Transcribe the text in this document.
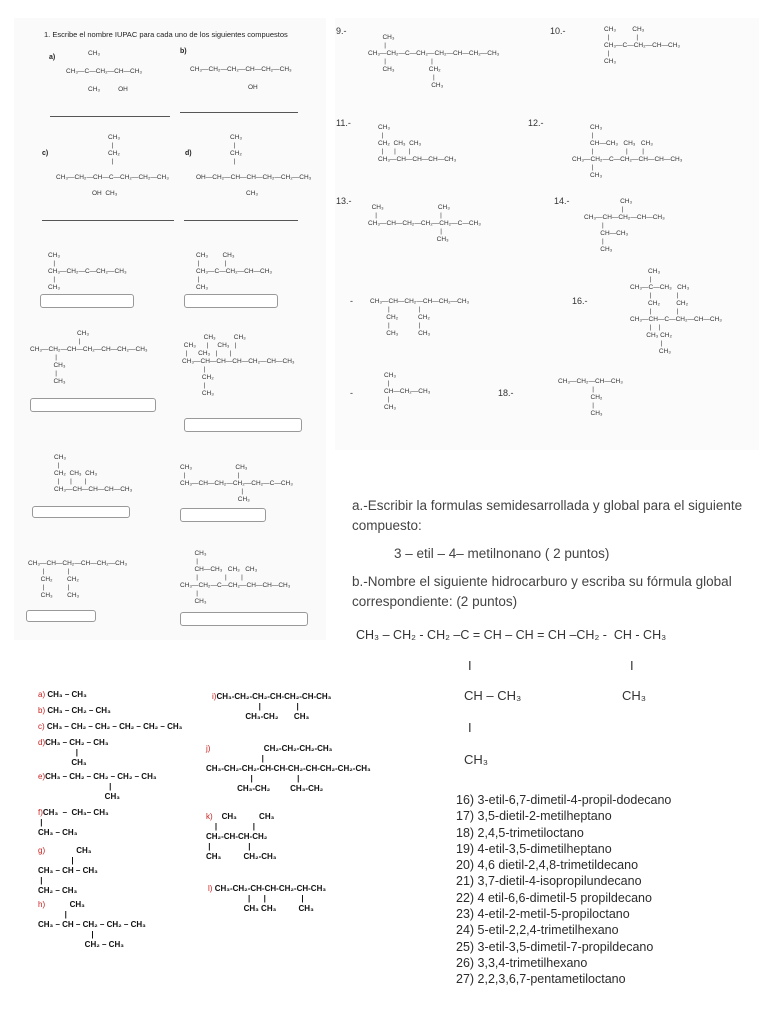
1. Escribe el nombre IUPAC para cada uno de los siguientes compuestos
a)

CH₃

CH₃—C—CH₂—CH—CH₃

CH₃          OH

b)

CH₃—CH₂—CH₂—CH—CH₂—CH₃

OH

c)

CH₃
|
CH₂
|

CH₃—CH₂—CH—C—CH₂—CH₂—CH₃

OH  CH₃

d)

CH₃
|
CH₂
|

OH—CH₂—CH—CH—CH₂—CH₂—CH₃

CH₃

CH₃
|
CH₃—CH₂—C—CH₂—CH₃
|
CH₃
CH₃        CH₃
|              |
CH₃—C—CH₂—CH—CH₃
|
CH₃
CH₃
|
CH₃—CH₂—CH—CH₂—CH—CH₂—CH₃
|
CH₃
|
CH₃
CH₃          CH₃
CH₃      |     CH₃   |
|      CH₃   |       |
CH₃—CH—CH—CH—CH₂—CH—CH₃
|
CH₂
|
CH₃
CH₃
|
CH₂  CH₃  CH₃
|      |       |
CH₃—CH—CH—CH—CH₃
CH₃                        CH₃
|                             |
CH₃—CH—CH₂—CH₂—CH₂—C—CH₃
|
CH₃
CH₃—CH—CH₂—CH—CH₂—CH₃
|             |
CH₂        CH₂
|             |
CH₃        CH₃
CH₃
|
CH—CH₃   CH₃   CH₃
|               |        |
CH₃—CH₂—C—CH₂—CH—CH—CH₃
|
CH₃
9.-
CH₃
|
CH₃—CH₂—C—CH₂—CH₂—CH—CH₂—CH₃
|                         |
CH₃                   CH₂
|
CH₃
10.-	CH₃         CH₃
|               |
CH₃—C—CH₂—CH—CH₃
|
CH₃
11.-	CH₃
|
CH₂  CH₃  CH₃
|      |       |
CH₃—CH—CH—CH—CH₃
12.-	CH₃
|
CH—CH₃   CH₃   CH₃
|                  |        |
CH₃—CH₂—C—CH₂—CH—CH—CH₃
|
CH₃
13.-
CH₃                              CH₃
|                                   |
CH₃—CH—CH₂—CH₂—CH₂—C—CH₃
|
CH₃
14.-	CH₃
|
CH₃—CH—CH₂—CH—CH₃
|
CH—CH₃
|
CH₃
-	CH₃—CH—CH₂—CH—CH₂—CH₃
|                |
CH₂           CH₂
|                |
CH₃           CH₃
16.-
CH₃
|
CH₃—C—CH₃   CH₃
|              |
CH₂         CH₂
|              |
CH₃—CH—C—CH₂—CH—CH₃
|    |
CH₃ CH₂
|
CH₃
-
CH₃
|
CH—CH₂—CH₃
|
CH₃
18.-
CH₃—CH₂—CH—CH₃
|
CH₂
|
CH₃
a.-Escribir la formulas semidesarrollada y global para el siguiente compuesto:
3 – etil – 4– metilnonano ( 2 puntos)
b.-Nombre el siguiente hidrocarburo y escriba su fórmula global correspondiente: (2 puntos)
CH₃ – CH₂ - CH₂ –C = CH – CH = CH –CH₂ -  CH - CH₃
I	I
CH – CH₃	CH₃
I
CH₃
a) CH₃ – CH₃
b) CH₃ – CH₂ – CH₃
c) CH₃ – CH₂ – CH₂ – CH₂ – CH₂ – CH₃
d)CH₃ – CH₂ – CH₃
|
CH₃
e)CH₃ – CH₂ – CH₂ – CH₂ – CH₃
|
CH₃
f)CH₃  –  CH₃– CH₃
|
CH₃ – CH₃
g)	CH₃
|
CH₃ – CH – CH₃
|
CH₂ – CH₃
h)	CH₃
|
CH₃ – CH – CH₂ – CH₂ – CH₃
|
CH₂ – CH₃
i)CH₃-CH₂-CH₂-CH-CH₂-CH-CH₃
|                |
CH₃-CH₂       CH₃
j)	CH₂-CH₂-CH₂-CH₃
|
CH₃-CH₂-CH₂-CH-CH-CH₂-CH-CH₂-CH₂-CH₃
|                    |
CH₃-CH₂         CH₃-CH₂
k)    CH₃          CH₃
|                |
CH₂-CH-CH-CH₂
|                 |
CH₃          CH₂-CH₃
l) CH₃-CH₂-CH-CH-CH₂-CH-CH₃
|      |                |
CH₃ CH₃          CH₃
16) 3-etil-6,7-dimetil-4-propil-dodecano
17) 3,5-dietil-2-metilheptano
18) 2,4,5-trimetiloctano
19) 4-etil-3,5-dimetilheptano
20) 4,6 dietil-2,4,8-trimetildecano
21) 3,7-dietil-4-isopropilundecano
22) 4 etil-6,6-dimetil-5 propildecano
23) 4-etil-2-metil-5-propiloctano
24) 5-etil-2,2,4-trimetilhexano
25) 3-etil-3,5-dimetil-7-propildecano
26) 3,3,4-trimetilhexano
27) 2,2,3,6,7-pentametiloctano
